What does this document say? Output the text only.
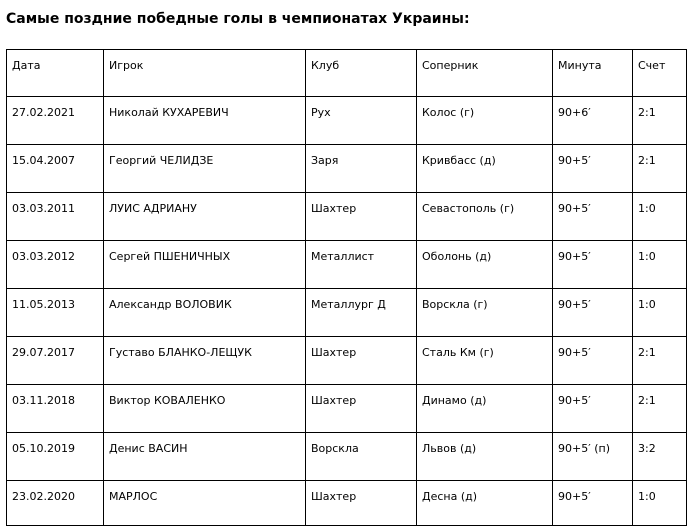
Самые поздние победные голы в чемпионатах Украины:
Дата	Игрок	Клуб	Соперник	Минута	Счет
27.02.2021	Николай КУХАРЕВИЧ	Рух	Колос (г)	90+6′	2:1
15.04.2007	Георгий ЧЕЛИДЗЕ	Заря	Кривбасс (д)	90+5′	2:1
03.03.2011	ЛУИС АДРИАНУ	Шахтер	Севастополь (г)	90+5′	1:0
03.03.2012	Сергей ПШЕНИЧНЫХ	Металлист	Оболонь (д)	90+5′	1:0
11.05.2013	Александр ВОЛОВИК	Металлург Д	Ворскла (г)	90+5′	1:0
29.07.2017	Густаво БЛАНКО-ЛЕЩУК	Шахтер	Сталь Км (г)	90+5′	2:1
03.11.2018	Виктор КОВАЛЕНКО	Шахтер	Динамо (д)	90+5′	2:1
05.10.2019	Денис ВАСИН	Ворскла	Львов (д)	90+5′ (п)	3:2
23.02.2020	МАРЛОС	Шахтер	Десна (д)	90+5′	1:0
